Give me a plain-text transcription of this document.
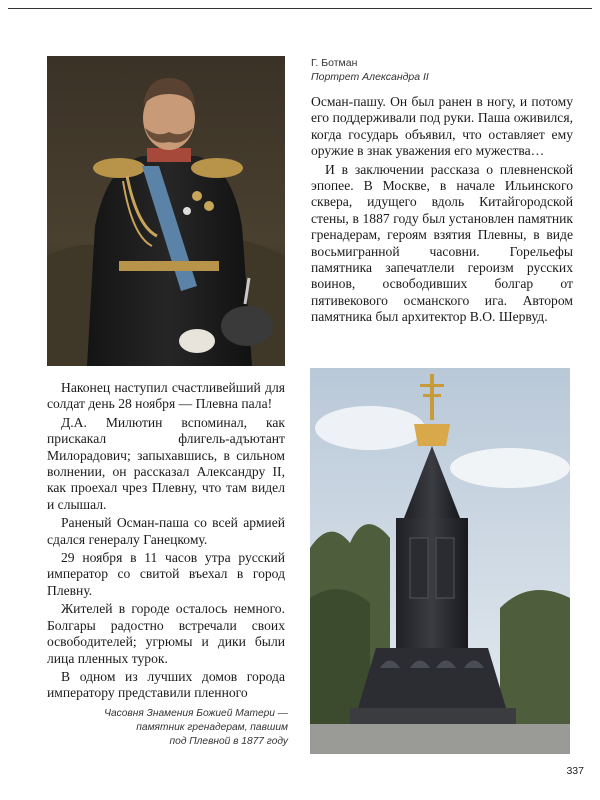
Г. Ботман
Портрет Александра II

Осман-пашу. Он был ранен в ногу, и потому его поддерживали под руки. Паша оживился, когда государь объявил, что оставляет ему оружие в знак уважения его мужества…

И в заключении рассказа о плевненской эпопее. В Москве, в начале Ильинского сквера, идущего вдоль Китайгородской стены, в 1887 году был установлен памятник гренадерам, героям взятия Плевны, в виде восьмигранной часовни. Горельефы памятника запечатлели героизм русских воинов, освободивших болгар от пятивекового османского ига. Автором памятника был архитектор В.О. Шервуд.

Наконец наступил счастливейший для солдат день 28 ноября — Плевна пала!

Д.А. Милютин вспоминал, как прискакал флигель-адъютант Милорадович; запыхавшись, в сильном волнении, он рассказал Александру II, как проехал чрез Плевну, что там видел и слышал.

Раненый Осман-паша со всей армией сдался генералу Ганецкому.

29 ноября в 11 часов утра русский император со свитой въехал в город Плевну.

Жителей в городе осталось немного. Болгары радостно встречали своих освободителей; угрюмы и дики были лица пленных турок.

В одном из лучших домов города императору представили пленного

Часовня Знамения Божией Матери —
памятник гренадерам, павшим
под Плевной в 1877 году
337
